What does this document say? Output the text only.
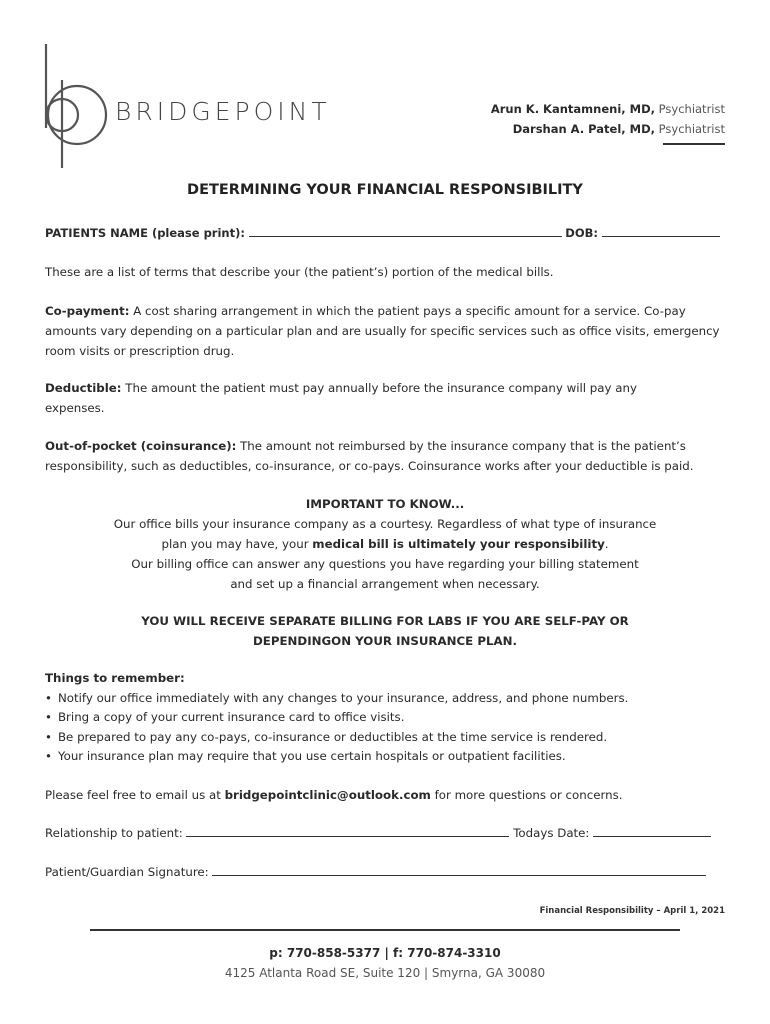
BRIDGEPOINT	Arun K. Kantamneni, MD, Psychiatrist
Darshan A. Patel, MD, Psychiatrist
DETERMINING YOUR FINANCIAL RESPONSIBILITY
PATIENTS NAME (please print):	DOB:
These are a list of terms that describe your (the patient’s) portion of the medical bills.
Co-payment: A cost sharing arrangement in which the patient pays a specific amount for a service. Co-pay amounts vary depending on a particular plan and are usually for specific services such as office visits, emergency room visits or prescription drug.
Deductible: The amount the patient must pay annually before the insurance company will pay any expenses.
Out-of-pocket (coinsurance): The amount not reimbursed by the insurance company that is the patient’s responsibility, such as deductibles, co-insurance, or co-pays. Coinsurance works after your deductible is paid.
IMPORTANT TO KNOW...
Our office bills your insurance company as a courtesy. Regardless of what type of insurance
plan you may have, your medical bill is ultimately your responsibility.
Our billing office can answer any questions you have regarding your billing statement
and set up a financial arrangement when necessary.
YOU WILL RECEIVE SEPARATE BILLING FOR LABS IF YOU ARE SELF-PAY OR
DEPENDINGON YOUR INSURANCE PLAN.
Things to remember:
• Notify our office immediately with any changes to your insurance, address, and phone numbers.
• Bring a copy of your current insurance card to office visits.
• Be prepared to pay any co-pays, co-insurance or deductibles at the time service is rendered.
• Your insurance plan may require that you use certain hospitals or outpatient facilities.
Please feel free to email us at bridgepointclinic@outlook.com for more questions or concerns.
Relationship to patient:	Todays Date:
Patient/Guardian Signature:
Financial Responsibility – April 1, 2021
p: 770-858-5377 | f: 770-874-3310
4125 Atlanta Road SE, Suite 120 | Smyrna, GA 30080
